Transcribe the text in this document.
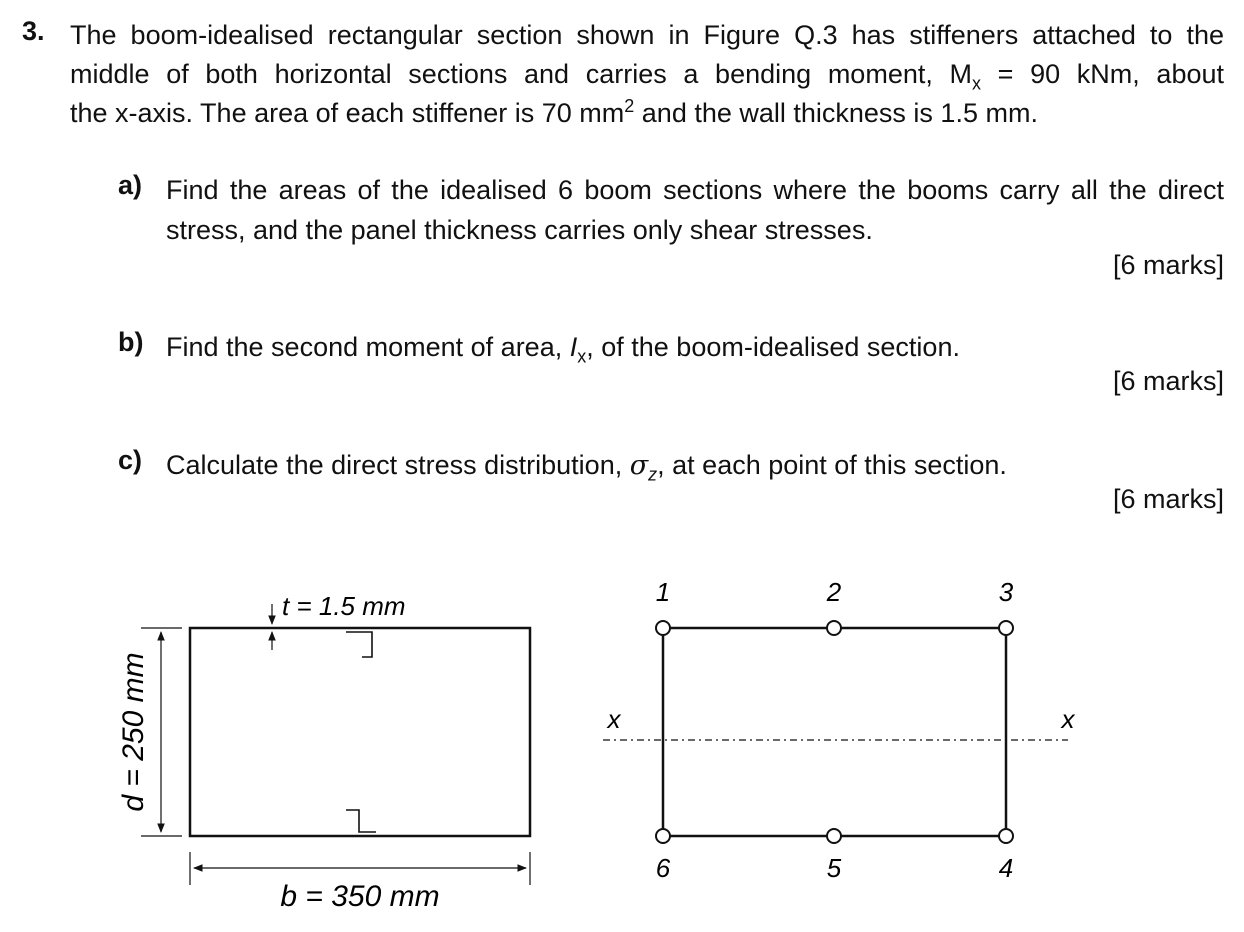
3. The boom-idealised rectangular section shown in Figure Q.3 has stiffeners attached to the
middle of both horizontal sections and carries a bending moment, $M_x = 90$ kNm, about
the x-axis. The area of each stiffener is 70 $mm^2$ and the wall thickness is 1.5 mm.
a) Find the areas of the idealised 6 boom sections where the booms carry all the direct stress, and the panel thickness carries only shear stresses.
[6 marks]
b) Find the second moment of area, $I_x$, of the boom-idealised section.
[6 marks]
c) Calculate the direct stress distribution, $\sigma_z$, at each point of this section.
[6 marks]
t = 1.5 mm
d = 250 mm
b = 350 mm
x	x
1	2	3
4
5
6
